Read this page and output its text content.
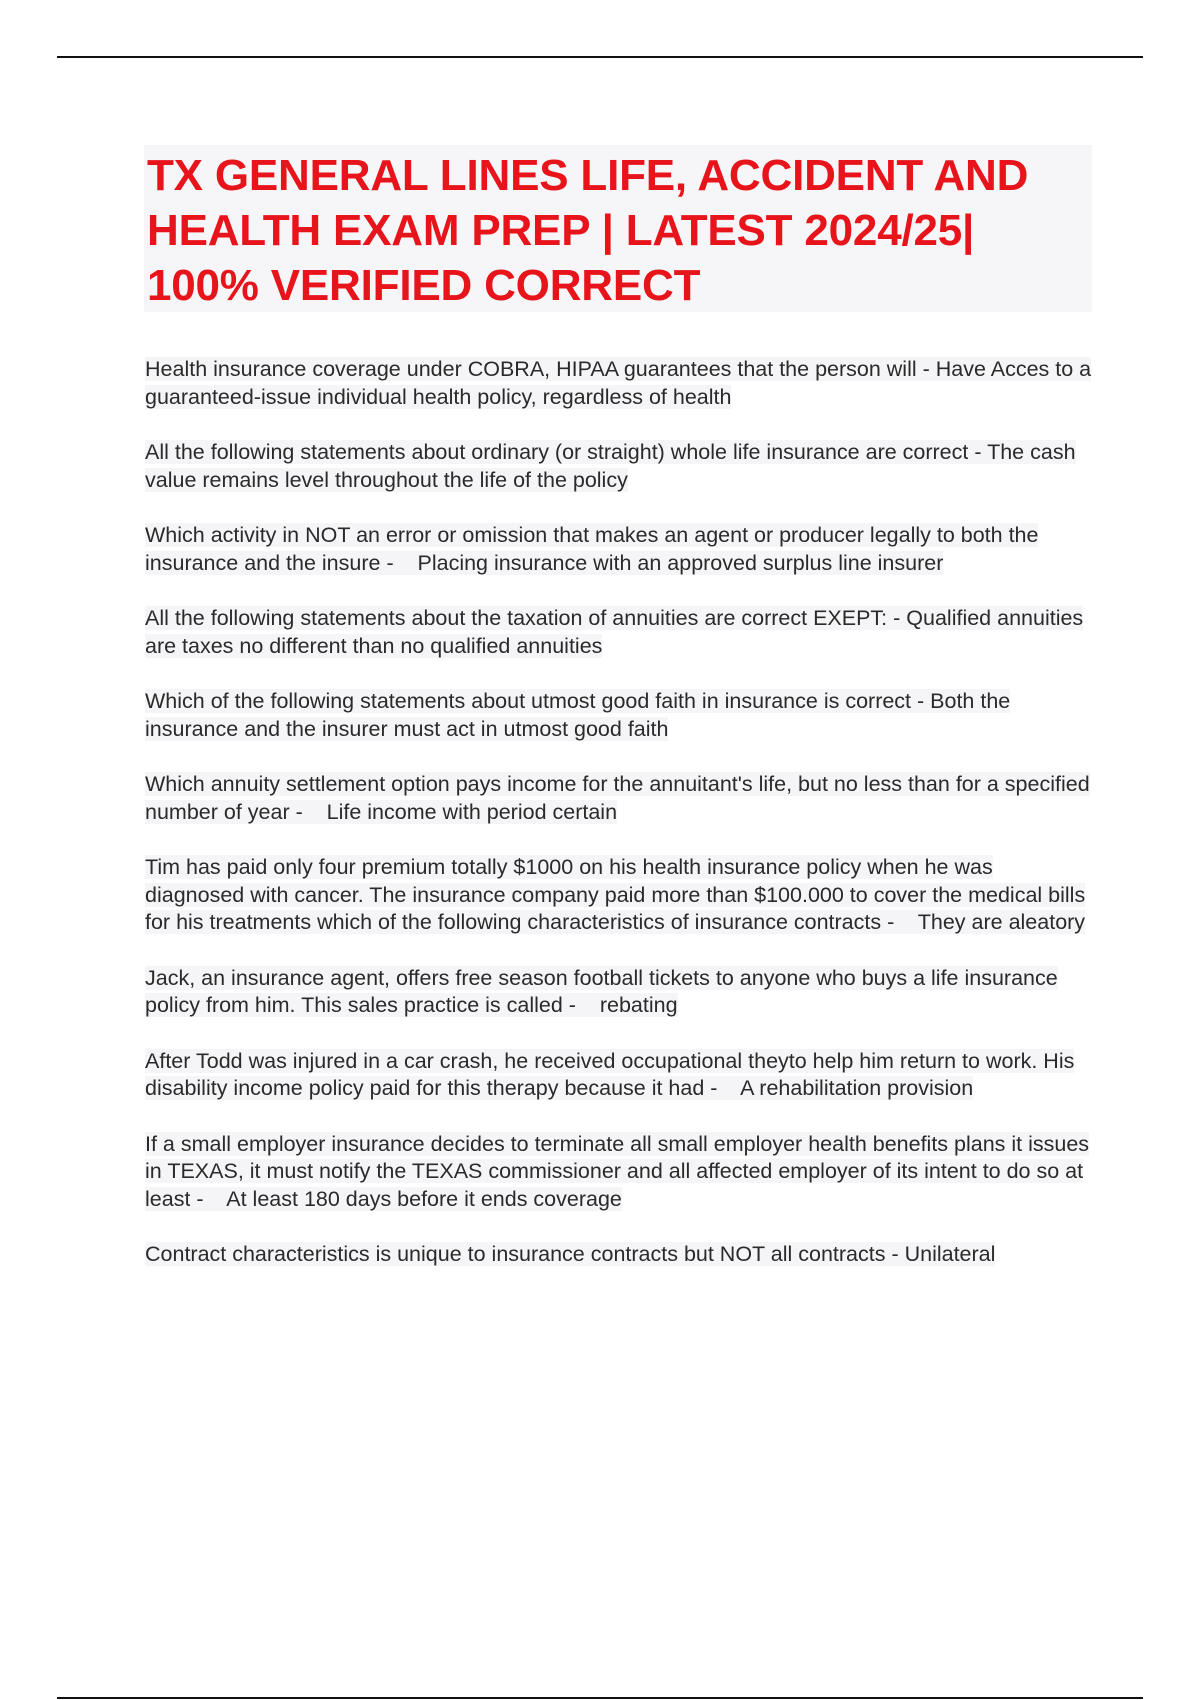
TX GENERAL LINES LIFE, ACCIDENT AND HEALTH EXAM PREP | LATEST 2024/25| 100% VERIFIED CORRECT
Health insurance coverage under COBRA, HIPAA guarantees that the person will - Have Acces to a guaranteed-issue individual health policy, regardless of health
All the following statements about ordinary (or straight) whole life insurance are correct - The cash value remains level throughout the life of the policy
Which activity in NOT an error or omission that makes an agent or producer legally to both the insurance and the insure -    Placing insurance with an approved surplus line insurer
All the following statements about the taxation of annuities are correct EXEPT: - Qualified annuities are taxes no different than no qualified annuities
Which of the following statements about utmost good faith in insurance is correct - Both the insurance and the insurer must act in utmost good faith
Which annuity settlement option pays income for the annuitant's life, but no less than for a specified number of year -    Life income with period certain
Tim has paid only four premium totally $1000 on his health insurance policy when he was diagnosed with cancer. The insurance company paid more than $100.000 to cover the medical bills for his treatments which of the following characteristics of insurance contracts -    They are aleatory
Jack, an insurance agent, offers free season football tickets to anyone who buys a life insurance policy from him. This sales practice is called -    rebating
After Todd was injured in a car crash, he received occupational theyto help him return to work. His disability income policy paid for this therapy because it had -    A rehabilitation provision
If a small employer insurance decides to terminate all small employer health benefits plans it issues in TEXAS, it must notify the TEXAS commissioner and all affected employer of its intent to do so at least -    At least 180 days before it ends coverage
Contract characteristics is unique to insurance contracts but NOT all contracts - Unilateral
